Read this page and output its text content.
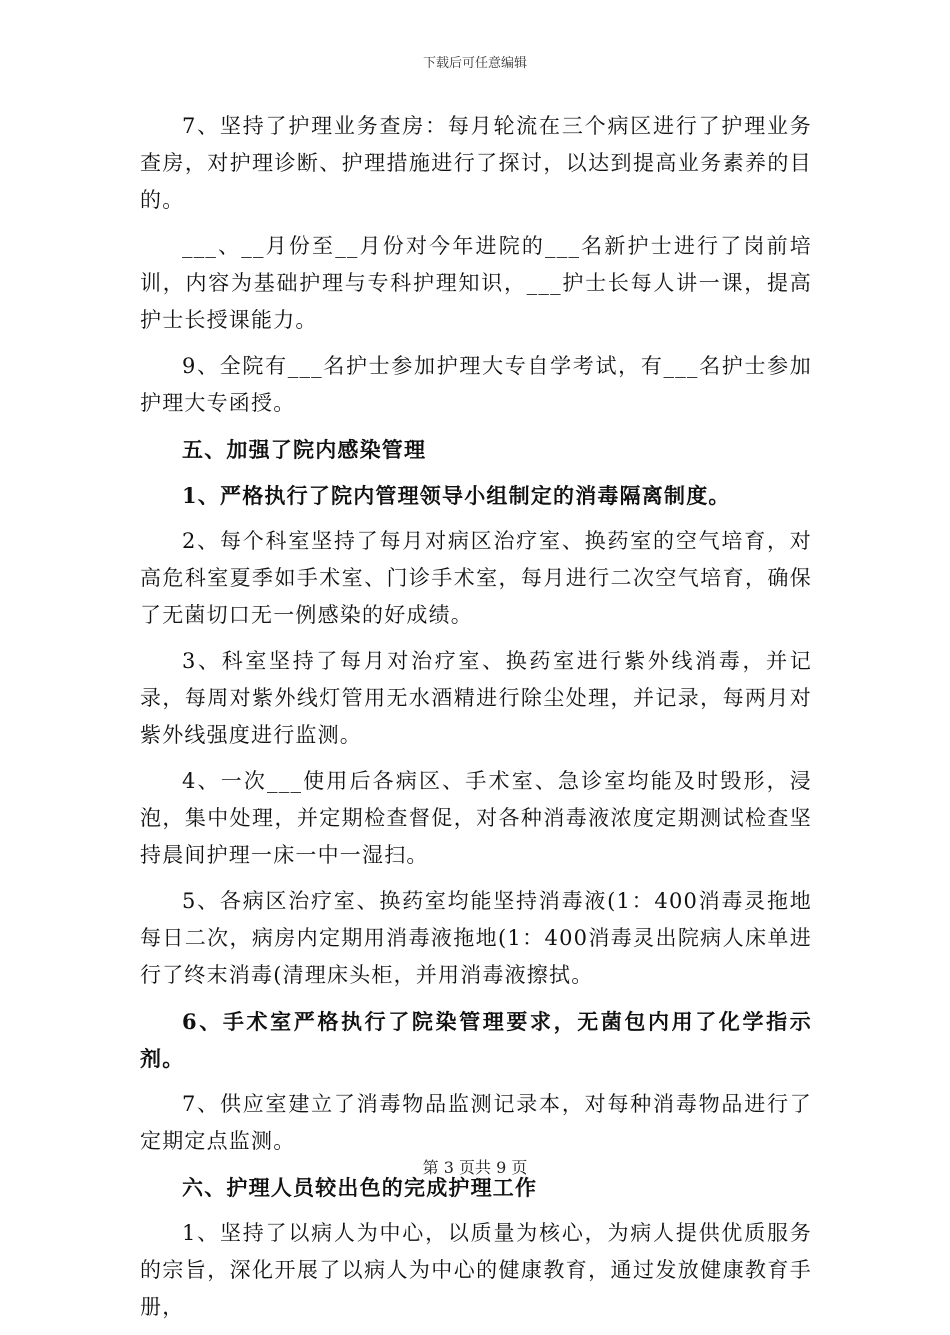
下载后可任意编辑

7、坚持了护理业务查房：每月轮流在三个病区进行了护理业务查房，对护理诊断、护理措施进行了探讨，以达到提高业务素养的目的。

___、__月份至__月份对今年进院的___名新护士进行了岗前培训，内容为基础护理与专科护理知识，___护士长每人讲一课，提高护士长授课能力。

9、全院有___名护士参加护理大专自学考试，有___名护士参加护理大专函授。

五、加强了院内感染管理

1、严格执行了院内管理领导小组制定的消毒隔离制度。

2、每个科室坚持了每月对病区治疗室、换药室的空气培育，对高危科室夏季如手术室、门诊手术室，每月进行二次空气培育，确保了无菌切口无一例感染的好成绩。

3、科室坚持了每月对治疗室、换药室进行紫外线消毒，并记录，每周对紫外线灯管用无水酒精进行除尘处理，并记录，每两月对紫外线强度进行监测。

4、一次___使用后各病区、手术室、急诊室均能及时毁形，浸泡，集中处理，并定期检查督促，对各种消毒液浓度定期测试检查坚持晨间护理一床一中一湿扫。

5、各病区治疗室、换药室均能坚持消毒液(1：400消毒灵拖地每日二次，病房内定期用消毒液拖地(1：400消毒灵出院病人床单进行了终末消毒(清理床头柜，并用消毒液擦拭。

6、手术室严格执行了院染管理要求，无菌包内用了化学指示剂。

7、供应室建立了消毒物品监测记录本，对每种消毒物品进行了定期定点监测。

六、护理人员较出色的完成护理工作

1、坚持了以病人为中心，以质量为核心，为病人提供优质服务的宗旨，深化开展了以病人为中心的健康教育，通过发放健康教育手册，

第 3 页共 9 页
